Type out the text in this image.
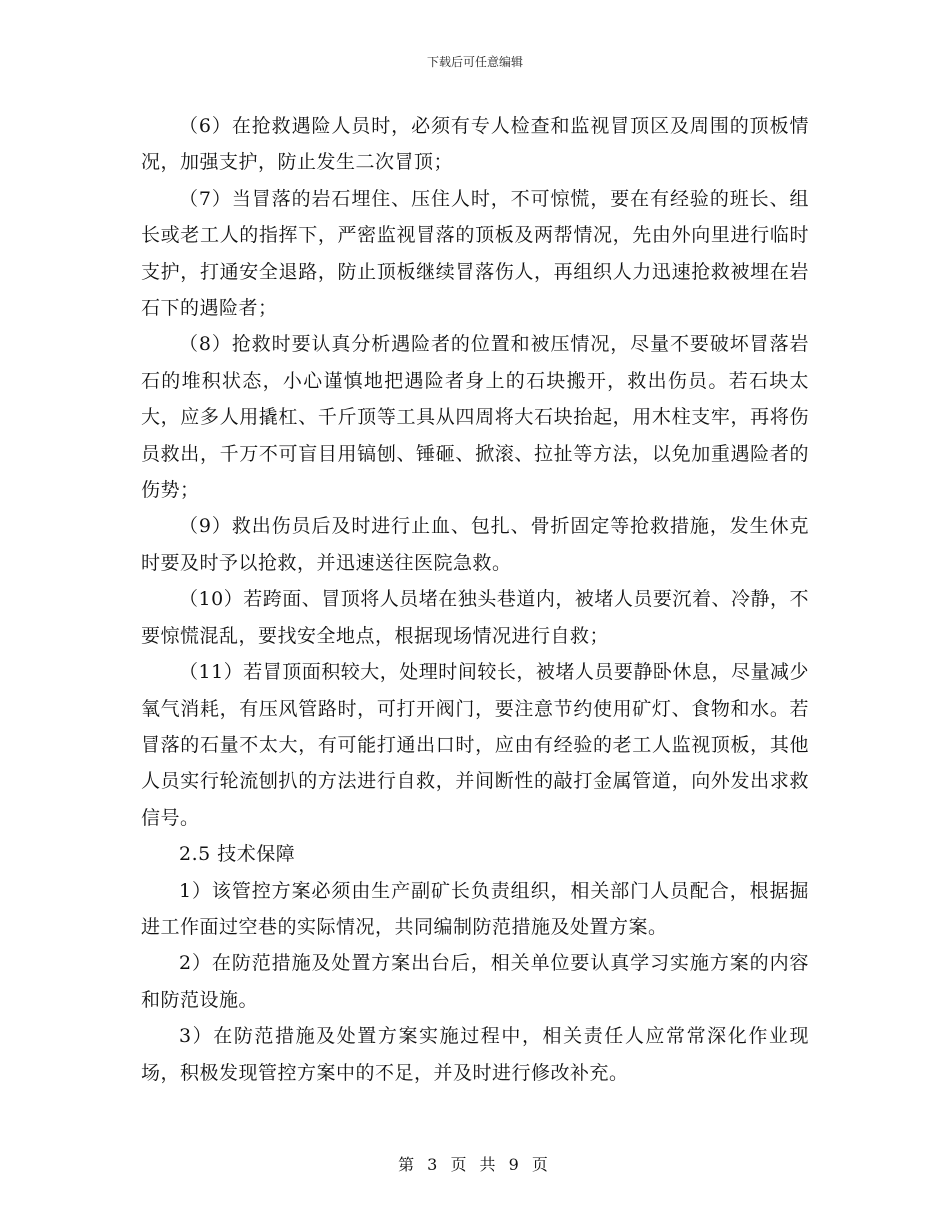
下载后可任意编辑

（6）在抢救遇险人员时，必须有专人检查和监视冒顶区及周围的顶板情况，加强支护，防止发生二次冒顶；

（7）当冒落的岩石埋住、压住人时，不可惊慌，要在有经验的班长、组长或老工人的指挥下，严密监视冒落的顶板及两帮情况，先由外向里进行临时支护，打通安全退路，防止顶板继续冒落伤人，再组织人力迅速抢救被埋在岩石下的遇险者；

（8）抢救时要认真分析遇险者的位置和被压情况，尽量不要破坏冒落岩石的堆积状态，小心谨慎地把遇险者身上的石块搬开，救出伤员。若石块太大，应多人用撬杠、千斤顶等工具从四周将大石块抬起，用木柱支牢，再将伤员救出，千万不可盲目用镐刨、锤砸、掀滚、拉扯等方法，以免加重遇险者的伤势；

（9）救出伤员后及时进行止血、包扎、骨折固定等抢救措施，发生休克时要及时予以抢救，并迅速送往医院急救。

（10）若跨面、冒顶将人员堵在独头巷道内，被堵人员要沉着、冷静，不要惊慌混乱，要找安全地点，根据现场情况进行自救；

（11）若冒顶面积较大，处理时间较长，被堵人员要静卧休息，尽量减少氧气消耗，有压风管路时，可打开阀门，要注意节约使用矿灯、食物和水。若冒落的石量不太大，有可能打通出口时，应由有经验的老工人监视顶板，其他人员实行轮流刨扒的方法进行自救，并间断性的敲打金属管道，向外发出求救信号。

2.5 技术保障

1）该管控方案必须由生产副矿长负责组织，相关部门人员配合，根据掘进工作面过空巷的实际情况，共同编制防范措施及处置方案。

2）在防范措施及处置方案出台后，相关单位要认真学习实施方案的内容和防范设施。

3）在防范措施及处置方案实施过程中，相关责任人应常常深化作业现场，积极发现管控方案中的不足，并及时进行修改补充。

第 3 页 共 9 页
